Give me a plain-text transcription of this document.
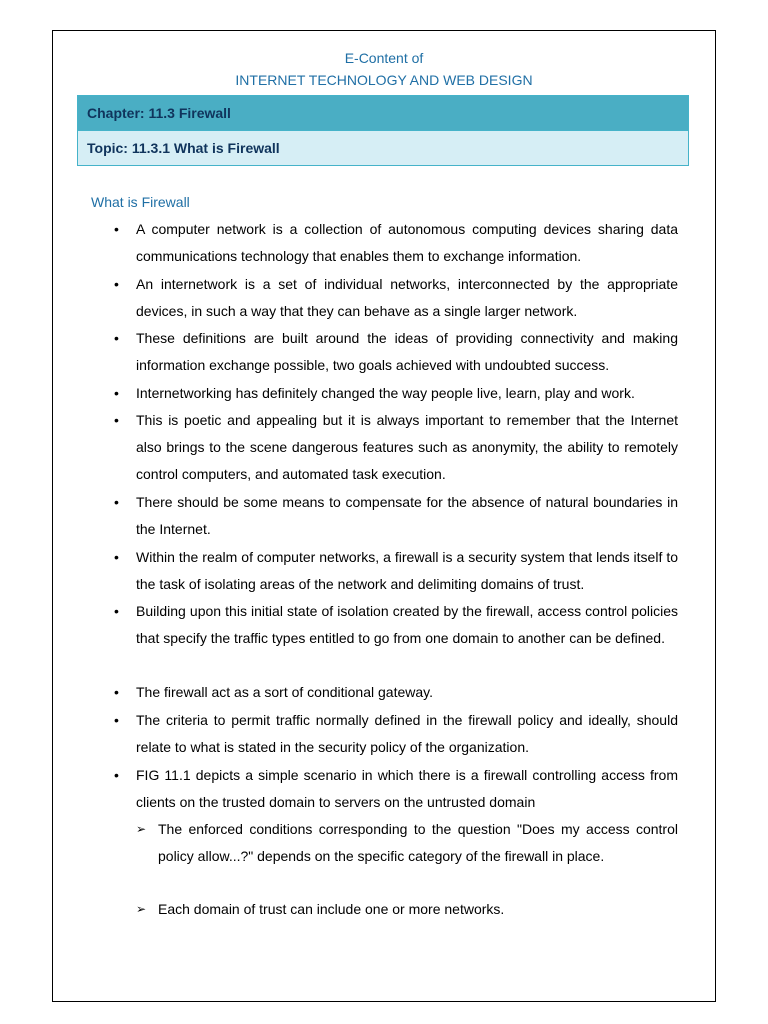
E-Content of
INTERNET TECHNOLOGY AND WEB DESIGN
Chapter: 11.3 Firewall
Topic: 11.3.1 What is Firewall
What is Firewall
• A computer network is a collection of autonomous computing devices sharing data communications technology that enables them to exchange information.
• An internetwork is a set of individual networks, interconnected by the appropriate devices, in such a way that they can behave as a single larger network.
• These definitions are built around the ideas of providing connectivity and making information exchange possible, two goals achieved with undoubted success.
• Internetworking has definitely changed the way people live, learn, play and work.
• This is poetic and appealing but it is always important to remember that the Internet also brings to the scene dangerous features such as anonymity, the ability to remotely control computers, and automated task execution.
• There should be some means to compensate for the absence of natural boundaries in the Internet.
• Within the realm of computer networks, a firewall is a security system that lends itself to the task of isolating areas of the network and delimiting domains of trust.
• Building upon this initial state of isolation created by the firewall, access control policies that specify the traffic types entitled to go from one domain to another can be defined.
• The firewall act as a sort of conditional gateway.
• The criteria to permit traffic normally defined in the firewall policy and ideally, should relate to what is stated in the security policy of the organization.
• FIG 11.1 depicts a simple scenario in which there is a firewall controlling access from clients on the trusted domain to servers on the untrusted domain
➢ The enforced conditions corresponding to the question "Does my access control policy allow...?" depends on the specific category of the firewall in place.
➢ Each domain of trust can include one or more networks.
